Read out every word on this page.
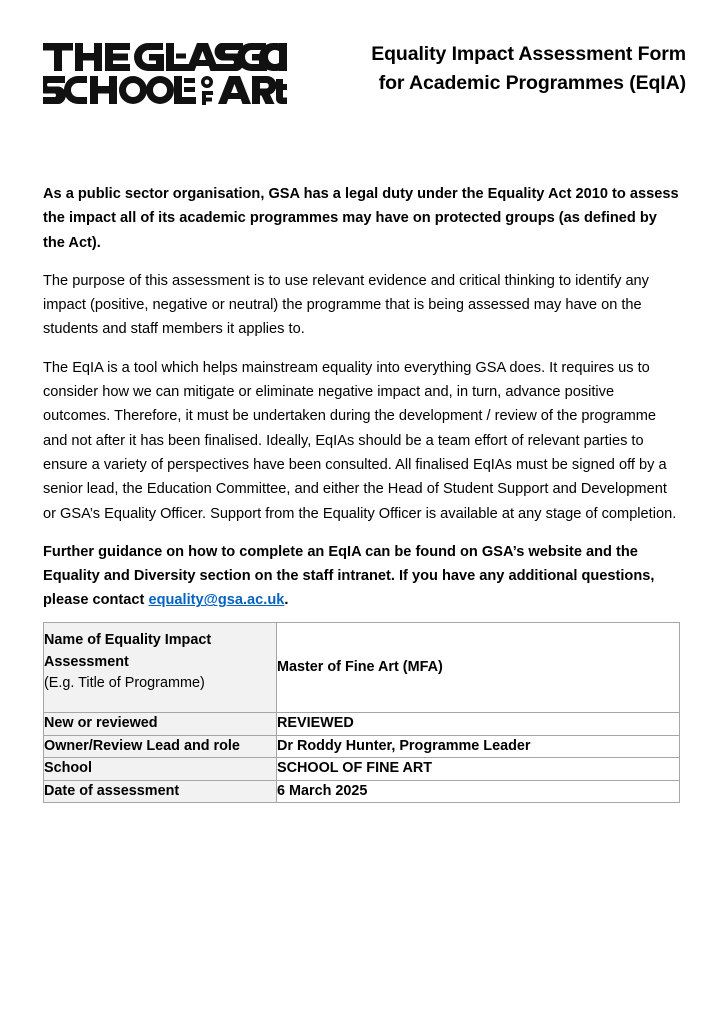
Equality Impact Assessment Form
for Academic Programmes (EqIA)

As a public sector organisation, GSA has a legal duty under the Equality Act 2010 to assess the impact all of its academic programmes may have on protected groups (as defined by the Act).

The purpose of this assessment is to use relevant evidence and critical thinking to identify any impact (positive, negative or neutral) the programme that is being assessed may have on the students and staff members it applies to.

The EqIA is a tool which helps mainstream equality into everything GSA does. It requires us to consider how we can mitigate or eliminate negative impact and, in turn, advance positive outcomes. Therefore, it must be undertaken during the development / review of the programme and not after it has been finalised. Ideally, EqIAs should be a team effort of relevant parties to ensure a variety of perspectives have been consulted. All finalised EqIAs must be signed off by a senior lead, the Education Committee, and either the Head of Student Support and Development or GSA’s Equality Officer. Support from the Equality Officer is available at any stage of completion.

Further guidance on how to complete an EqIA can be found on GSA’s website and the Equality and Diversity section on the staff intranet. If you have any additional questions, please contact equality@gsa.ac.uk.

Name of Equality Impact
Assessment
(E.g. Title of Programme)	Master of Fine Art (MFA)
New or reviewed	REVIEWED
Owner/Review Lead and role	Dr Roddy Hunter, Programme Leader
School	SCHOOL OF FINE ART
Date of assessment	6 March 2025
